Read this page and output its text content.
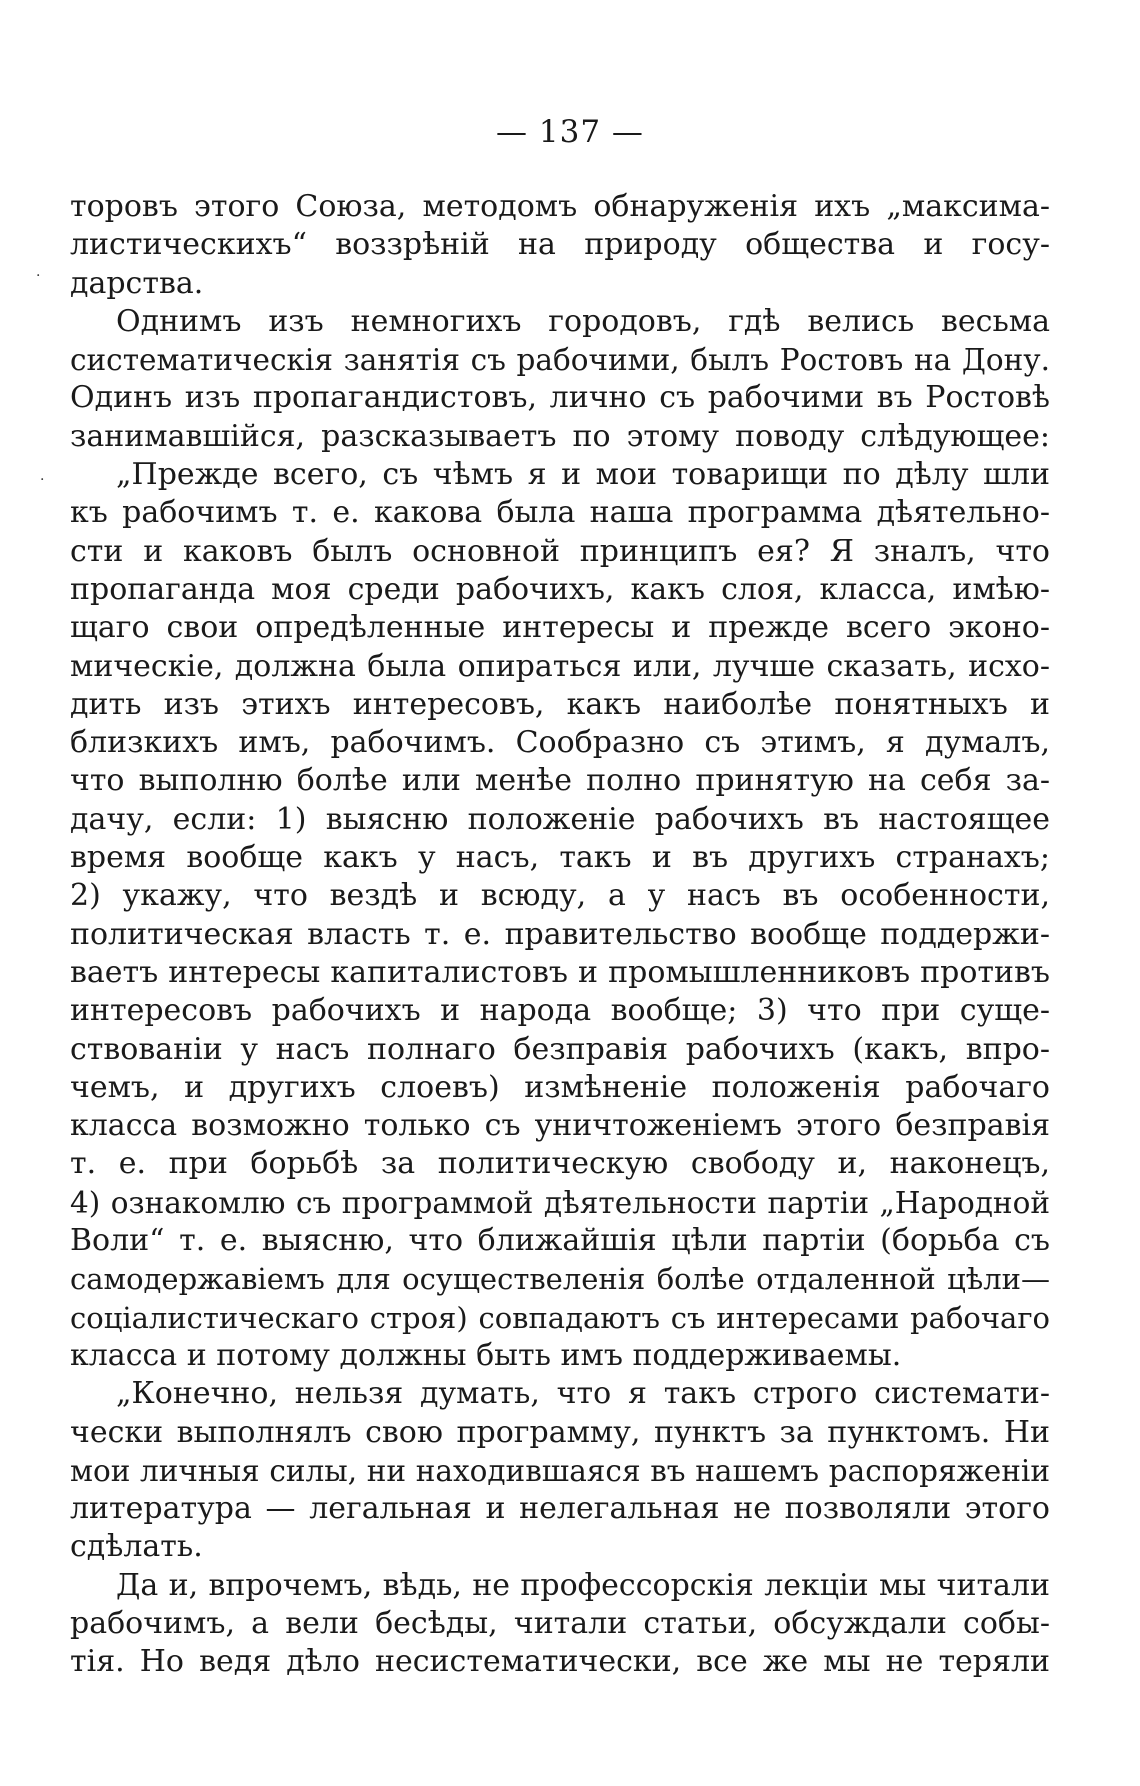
— 137 —
·
·
торовъ этого Союза, методомъ обнаруженія ихъ „максима-
листическихъ“ воззрѣній на природу общества и госу-
дарства.
Однимъ изъ немногихъ городовъ, гдѣ велись весьма
систематическія занятія съ рабочими, былъ Ростовъ на Дону.
Одинъ изъ пропагандистовъ, лично съ рабочими въ Ростовѣ
занимавшійся, разсказываетъ по этому поводу слѣдующее:
„Прежде всего, съ чѣмъ я и мои товарищи по дѣлу шли
къ рабочимъ т. е. какова была наша программа дѣятельно-
сти и каковъ былъ основной принципъ ея? Я зналъ, что
пропаганда моя среди рабочихъ, какъ слоя, класса, имѣю-
щаго свои опредѣленные интересы и прежде всего эконо-
мическіе, должна была опираться или, лучше сказать, исхо-
дить изъ этихъ интересовъ, какъ наиболѣе понятныхъ и
близкихъ имъ, рабочимъ. Сообразно съ этимъ, я думалъ,
что выполню болѣе или менѣе полно принятую на себя за-
дачу, если: 1) выясню положеніе рабочихъ въ настоящее
время вообще какъ у насъ, такъ и въ другихъ странахъ;
2) укажу, что вездѣ и всюду, а у насъ въ особенности,
политическая власть т. е. правительство вообще поддержи-
ваетъ интересы капиталистовъ и промышленниковъ противъ
интересовъ рабочихъ и народа вообще; 3) что при суще-
ствованіи у насъ полнаго безправія рабочихъ (какъ, впро-
чемъ, и другихъ слоевъ) измѣненіе положенія рабочаго
класса возможно только съ уничтоженіемъ этого безправія
т. е. при борьбѣ за политическую свободу и, наконецъ,
4) ознакомлю съ программой дѣятельности партіи „Народной
Воли“ т. е. выясню, что ближайшія цѣли партіи (борьба съ
самодержавіемъ для осуществеленія болѣе отдаленной цѣли—
соціалистическаго строя) совпадаютъ съ интересами рабочаго
класса и потому должны быть имъ поддерживаемы.
„Конечно, нельзя думать, что я такъ строго системати-
чески выполнялъ свою программу, пунктъ за пунктомъ. Ни
мои личныя силы, ни находившаяся въ нашемъ распоряженіи
литература — легальная и нелегальная не позволяли этого
сдѣлать.
Да и, впрочемъ, вѣдь, не профессорскія лекціи мы читали
рабочимъ, а вели бесѣды, читали статьи, обсуждали собы-
тія. Но ведя дѣло несистематически, все же мы не теряли
